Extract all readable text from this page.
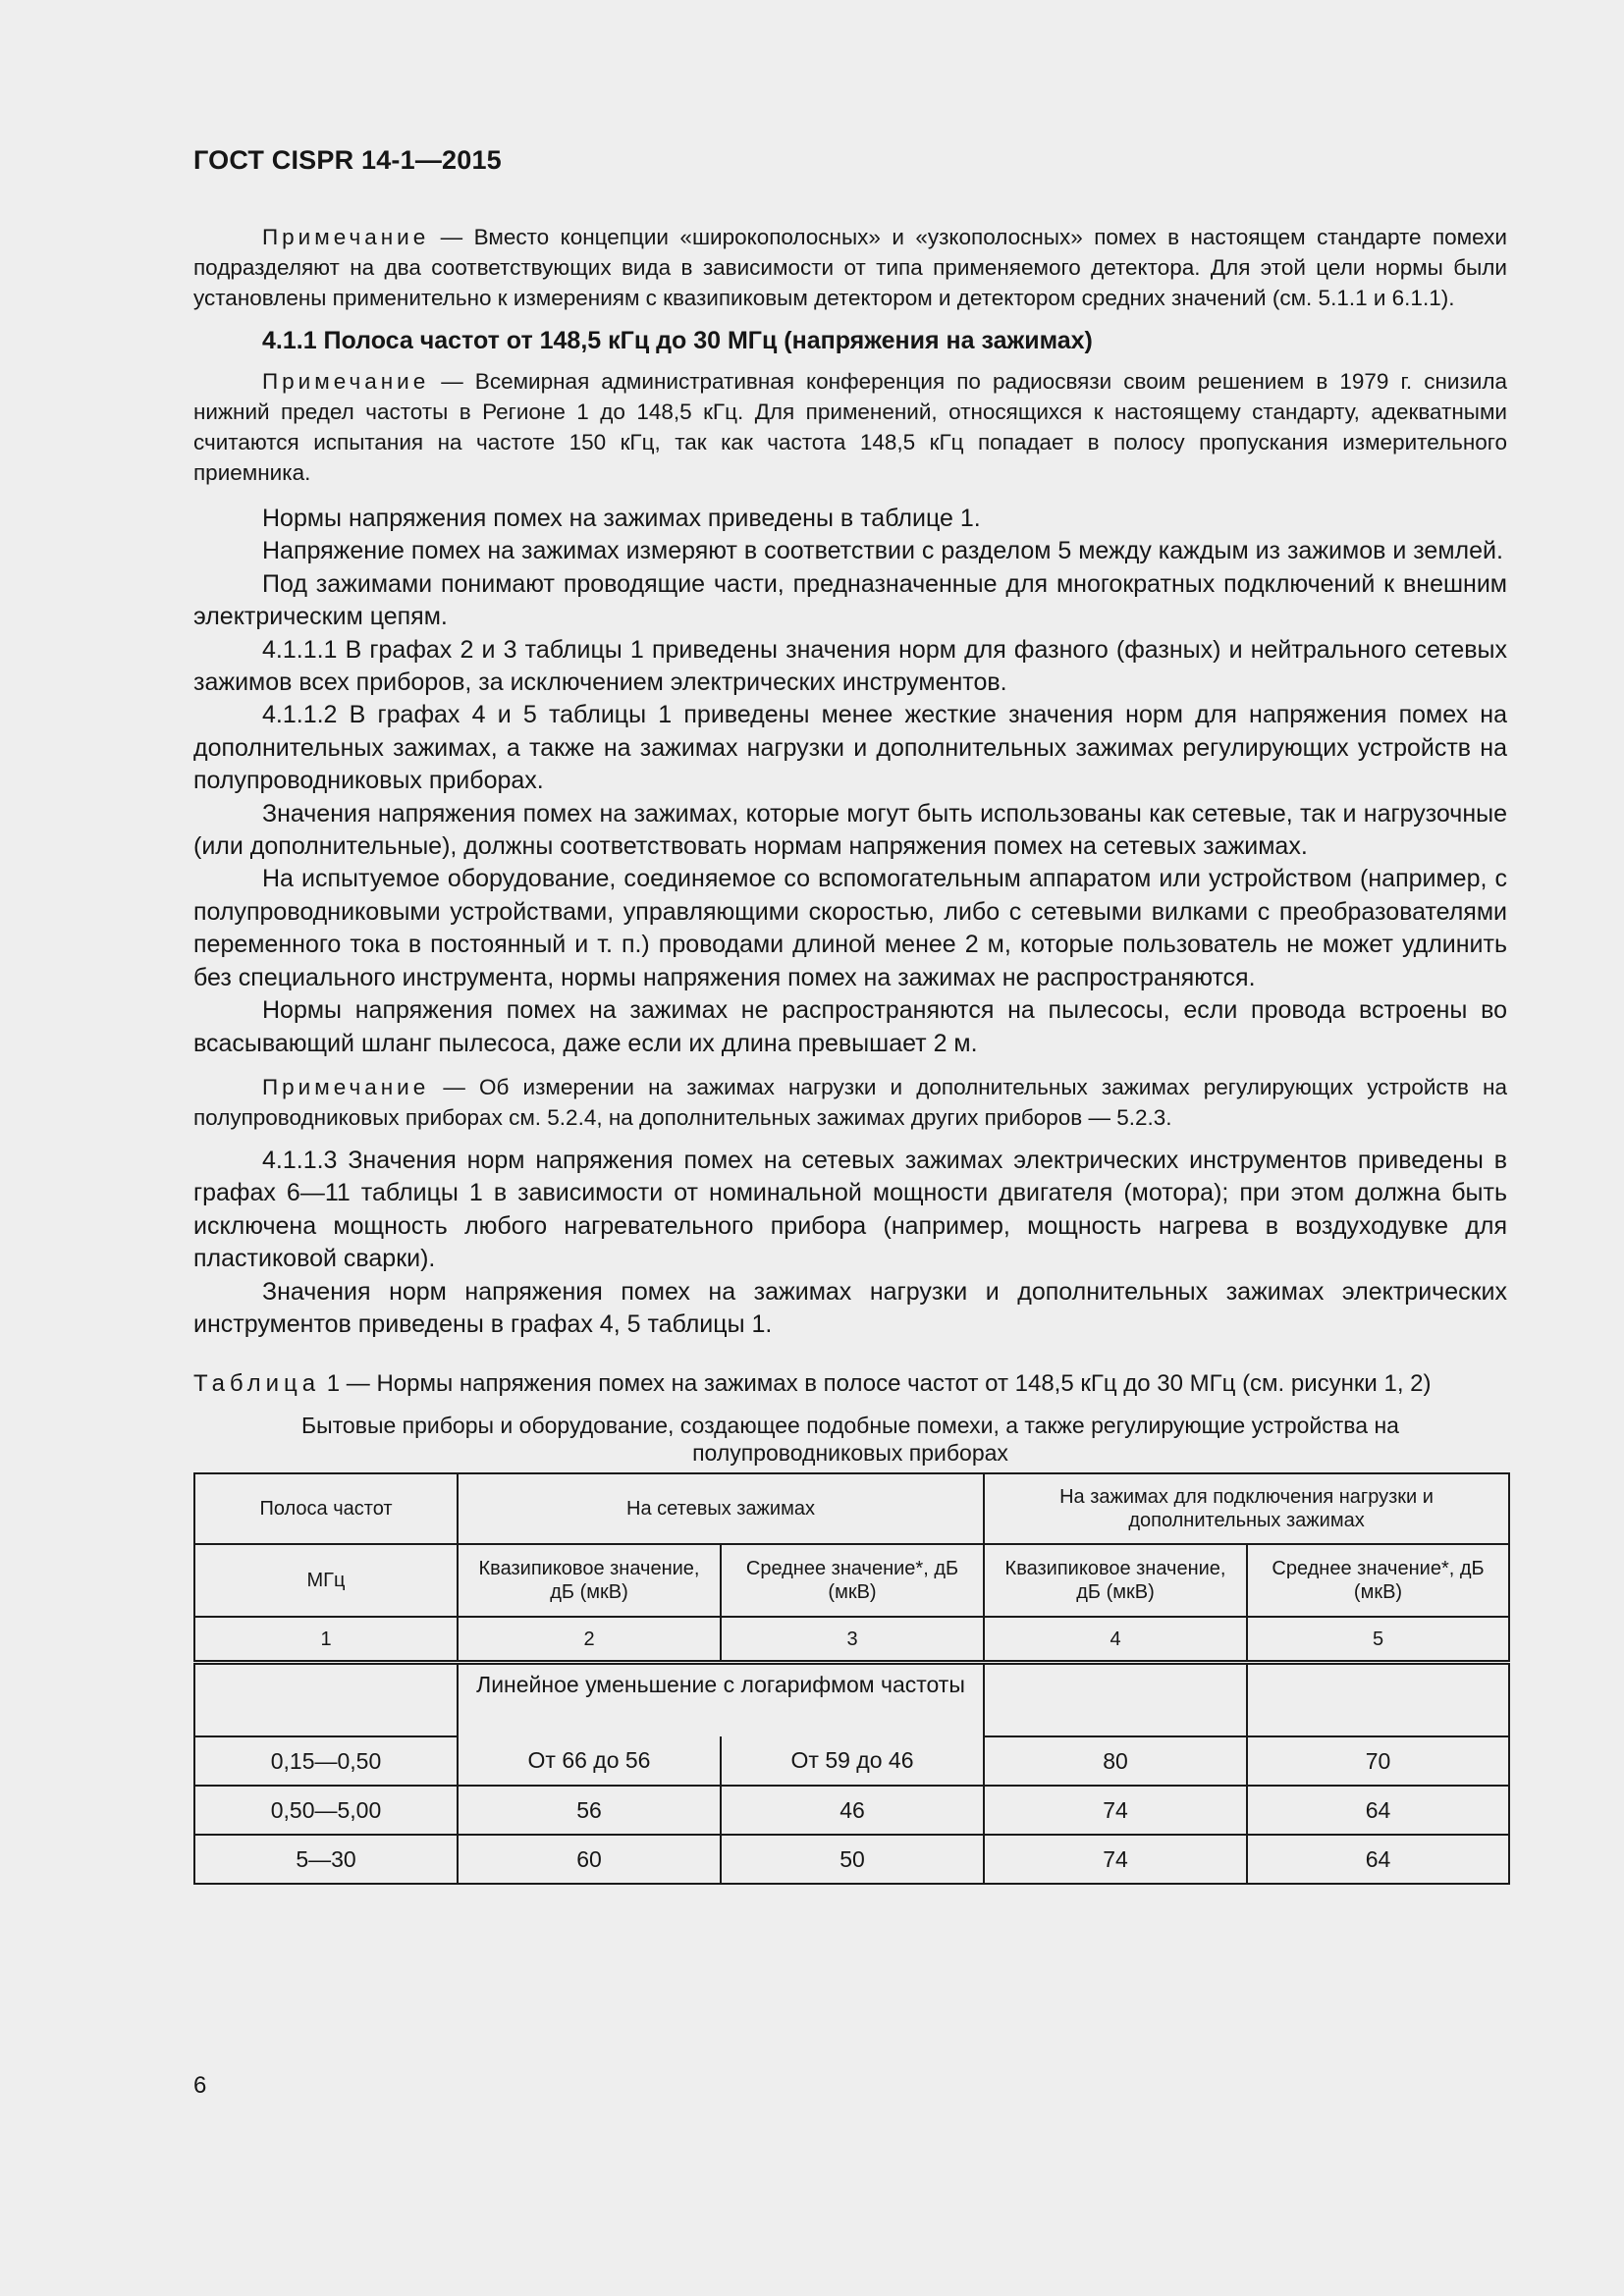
ГОСТ CISPR 14-1—2015

Примечание — Вместо концепции «широкополосных» и «узкополосных» помех в настоящем стандарте помехи подразделяют на два соответствующих вида в зависимости от типа применяемого детектора. Для этой цели нормы были установлены применительно к измерениям с квазипиковым детектором и детектором средних значений (см. 5.1.1 и 6.1.1).

4.1.1 Полоса частот от 148,5 кГц до 30 МГц (напряжения на зажимах)

Примечание — Всемирная административная конференция по радиосвязи своим решением в 1979 г. снизила нижний предел частоты в Регионе 1 до 148,5 кГц. Для применений, относящихся к настоящему стандарту, адекватными считаются испытания на частоте 150 кГц, так как частота 148,5 кГц попадает в полосу пропускания измерительного приемника.

Нормы напряжения помех на зажимах приведены в таблице 1.

Напряжение помех на зажимах измеряют в соответствии с разделом 5 между каждым из зажимов и землей.

Под зажимами понимают проводящие части, предназначенные для многократных подключений к внешним электрическим цепям.

4.1.1.1 В графах 2 и 3 таблицы 1 приведены значения норм для фазного (фазных) и нейтрального сетевых зажимов всех приборов, за исключением электрических инструментов.

4.1.1.2 В графах 4 и 5 таблицы 1 приведены менее жесткие значения норм для напряжения помех на дополнительных зажимах, а также на зажимах нагрузки и дополнительных зажимах регулирующих устройств на полупроводниковых приборах.

Значения напряжения помех на зажимах, которые могут быть использованы как сетевые, так и нагрузочные (или дополнительные), должны соответствовать нормам напряжения помех на сетевых зажимах.

На испытуемое оборудование, соединяемое со вспомогательным аппаратом или устройством (например, с полупроводниковыми устройствами, управляющими скоростью, либо с сетевыми вилками с преобразователями переменного тока в постоянный и т. п.) проводами длиной менее 2 м, которые пользователь не может удлинить без специального инструмента, нормы напряжения помех на зажимах не распространяются.

Нормы напряжения помех на зажимах не распространяются на пылесосы, если провода встроены во всасывающий шланг пылесоса, даже если их длина превышает 2 м.

Примечание — Об измерении на зажимах нагрузки и дополнительных зажимах регулирующих устройств на полупроводниковых приборах см. 5.2.4, на дополнительных зажимах других приборов — 5.2.3.

4.1.1.3 Значения норм напряжения помех на сетевых зажимах электрических инструментов приведены в графах 6—11 таблицы 1 в зависимости от номинальной мощности двигателя (мотора); при этом должна быть исключена мощность любого нагревательного прибора (например, мощность нагрева в воздуходувке для пластиковой сварки).

Значения норм напряжения помех на зажимах нагрузки и дополнительных зажимах электрических инструментов приведены в графах 4, 5 таблицы 1.

Таблица 1 — Нормы напряжения помех на зажимах в полосе частот от 148,5 кГц до 30 МГц (см. рисунки 1, 2)

Бытовые приборы и оборудование, создающее подобные помехи, а также регулирующие устройства на полупроводниковых приборах

Полоса частот	На сетевых зажимах		На зажимах для подключения нагрузки и дополнительных зажимах	
МГц	Квазипиковое значение, дБ (мкВ)	Среднее значение*, дБ (мкВ)	Квазипиковое значение, дБ (мкВ)	Среднее значение*, дБ (мкВ)
1	2	3	4	5
	Линейное уменьшение с логарифмом частоты			
0,15—0,50	От 66 до 56	От 59 до 46	80	70
0,50—5,00	56	46	74	64
5—30	60	50	74	64
6
